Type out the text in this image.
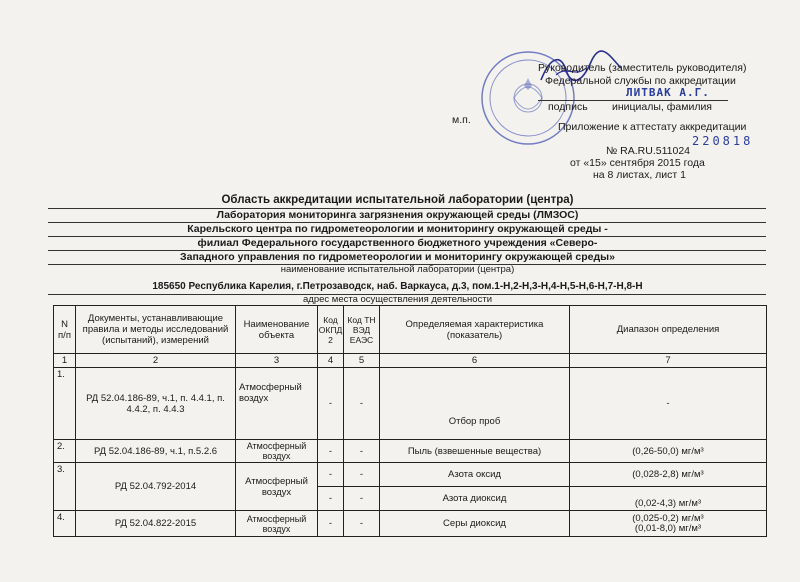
Руководитель (заместитель руководителя)
Федеральной службы по аккредитации
ЛИТВАК А.Г.
подпись инициалы, фамилия
м.п.
Приложение к аттестату аккредитации
220818
№ RA.RU.511024
от «15» сентября 2015 года
на 8 листах, лист 1
Область аккредитации испытательной лаборатории (центра)
Лаборатория мониторинга загрязнения окружающей среды (ЛМЗОС)
Карельского центра по гидрометеорологии и мониторингу окружающей среды -
филиал Федерального государственного бюджетного учреждения «Северо-
Западного управления по гидрометеорологии и мониторингу окружающей среды»
наименование испытательной лаборатории (центра)
185650 Республика Карелия, г.Петрозаводск, наб. Варкауса, д.3, пом.1-Н,2-Н,3-Н,4-Н,5-Н,6-Н,7-Н,8-Н
адрес места осуществления деятельности
N п/п	Документы, устанавливающие правила и методы исследований (испытаний), измерений	Наименование объекта	Код ОКПД 2	Код ТН ВЭД ЕАЭС	Определяемая характеристика (показатель)	Диапазон определения
1	2	3	4	5	6	7
1.	РД 52.04.186-89, ч.1, п. 4.4.1, п. 4.4.2, п. 4.4.3	Атмосферный воздух	-	-	Отбор проб	-
2.	РД 52.04.186-89, ч.1, п.5.2.6	Атмосферный воздух	-	-	Пыль (взвешенные вещества)	(0,26-50,0) мг/м³
3.	РД 52.04.792-2014	Атмосферный воздух	-	-	Азота оксид	(0,028-2,8) мг/м³
			-	-	Азота диоксид	(0,02-4,3) мг/м³
4.	РД 52.04.822-2015	Атмосферный воздух	-	-	Серы диоксид	(0,025-0,2) мг/м³
(0,01-8,0) мг/м³
